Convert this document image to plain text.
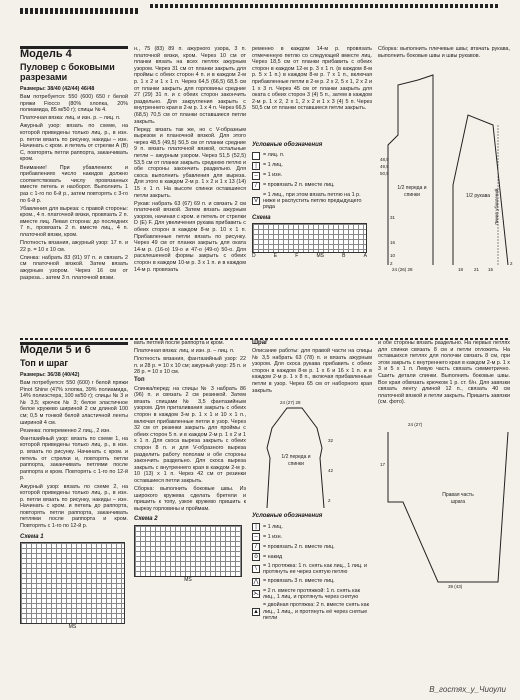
Модель 4
Пуловер с боковыми разрезами

Размеры: 38/40 (42/44) 46/48

Вам потребуется: 550 (600) 650 г белой пряжи Fiocco (80% хлопка, 20% полиамида, 85 м/50 г); спицы № 4.

Платочная вязка: лиц. и изн. р. – лиц. п.

Ажурный узор: вязать по схеме, на которой приведены только лиц. р., в изн. р. петли вязать по рисунку, накиды – изн. Начинать с кром. и петель от стрелки А (В) С, повторять петли раппорта, заканчивать кром.

Внимание! При убавлениях и прибавлениях число накидов должно соответствовать числу провязанных вместе петель и наоборот. Выполнить 1 раз с 1-го по 6-й р., затем повторять с 3-го по 6-й р.

Убавления для выреза: с правой стороны: кром., 4 п. платочной вязки, провязать 2 п. вместе лиц. Левая сторона: до последних 7 п., провязать 2 п. вместе лиц., 4 п. платочной вязки, кром.

Плотность вязания, ажурный узор: 17 п. и 22 р. = 10 х 10 см.

Спинка: набрать 83 (91) 97 п. и связать 2 см платочной вязкой. Затем вязать ажурным узором. Через 16 см от разреза... затем 3 п. платочной вязки.

н., 75 (83) 89 п. ажурного узора, 3 п. платочной вязки, кром. Через 10 см от планки вязать на всех петлях ажурным узором. Через 31 см от планки закрыть для проймы с обеих сторон 4 п. и в каждом 2-м р. 1 х 2 и 1 х 1 п. Через 64,5 (66,5) 68,5 см от планки закрыть для горловины средние 27 (29) 31 п. и с обеих сторон закончить раздельно. Для закругления закрыть с внутреннего края в 2-м р. 1 х 4 п. Через 66,5 (68,5) 70,5 см от планки оставшиеся петли закрыть.

Перед: вязать так же, но с V-образным вырезом и планочной вязкой. Для этого через 48,5 (49,5) 50,5 см от планки средние 9 п. вязать платочной вязкой, остальные петли – ажурным узором. Через 51,5 (52,5) 53,5 см от планки закрыть среднюю петлю и обе стороны закончить раздельно. Для скоса выполнить убавления для выреза. Для этого в каждом 2-м р. 1 х 2 и 1 х 13 (14) 15 х 1 п. На высоте спинки оставшиеся петли закрыть.

Рукав: набрать 63 (67) 69 п. и связать 2 см платочной вязкой. Затем вязать ажурным узором, начиная с кром. и петель от стрелки D (E) F. Для увеличения рукава прибавить с обеих сторон в каждом 8-м р. 10 х 1 п. Прибавленные петли вязать по рисунку. Через 49 см от планки закрыть для оката 14-м р. (16-о) 19-о и 47-о (49-о) 50-о. Для расклешенной формы закрыть с обеих сторон в каждом 10-м р. 3 х 1 п. и в каждом 14-м р. провязать

ременно в каждом 14-м р. провязать отмеченную петлю со следующей вместе лиц. Через 18,5 см от планки прибавить с обеих сторон в каждом 12-м р. 3 х 1 п. (в каждом 8-м р. 5 х 1 п.) в каждом 8-м р. 7 х 1 п., включая прибавленные петли в 2-м р. 2 х 2, 5 х 1, 2 х 2 и 1 х 3 п. Через 45 см от планки закрыть для оката с обеих сторон 3 (4) 5 п., затем в каждом 2-м р. 1 х 2, 2 х 1, 2 х 2 и 1 х 3 (4) 5 п. Через 50,5 см от планки оставшиеся петли закрыть.

Условные обозначения
= лиц. п.
|	= 1 лиц.
– = 1 изн.
/	= провязать 2 п. вместе лиц.
V
= 1 лиц., при этом вязать петлю на 1 р. ниже и распустить петлю предыдущего ряда
Схема
D	E	F	MS	B	A

Сборка: выполнить плечевые швы; втачать рукава, выполнить боковые швы и швы рукавов.

1/2 переда и спинки	1/2 рукава Линия убавлений
48,5
49,5
50,5
31
16
10
2
24 (26) 28	18 21 15
2
Модели 5 и 6
Топ и шраг

Размеры: 36/38 (40/42)

Вам потребуется: 550 (600) г белой пряжи Pinot Shine (47% хлопка, 39% полиамида, 14% полиэстера, 100 м/50 г); спицы № 3 и № 3,5; крючок № 3; белое эластичное белое кружево шириной 2 см длиной 100 см; 0,5 м тонкой белой эластичной ленты шириной 4 см.

Резинка: попеременно 2 лиц., 2 изн.

Фантазийный узор: вязать по схеме 1, на которой приведены только лиц. р., в изн. р. вязать по рисунку. Начинать с кром. и петель от стрелки и, повторять петли раппорта, заканчивать петлями после раппорта и кром. Повторять с 1-го по 12-й р.

Ажурный узор: вязать по схеме 2, на которой приведены только лиц. р., в изн. р. петли вязать по рисунку, накиды – изн. Начинать с кром. и петель до раппорта, повторять петли раппорта, заканчивать петлями после раппорта и кром. Повторять с 1-го по 12-й р.

Схема 1
MS

вать петлей после раппорта и кром.

Платочная вязка: лиц. и изн. р. – лиц. п.

Плотность вязания, фантазийный узор: 22 п. и 28 р. = 10 х 10 см; ажурный узор: 25 п. и 28 р. = 10 х 10 см.

Топ

Спинка/перед: на спицы № 3 набрать 86 (96) п. и связать 2 см резинкой. Затем вязать спицами № 3,5 фантазийным узором. Для приталивания закрыть с обеих сторон в каждом 3-м р. 1 х 1 и 10 х 1 п., включая прибавленные петли в узор. Через 32 см от резинки закрыть для проймы с обеих сторон 5 п. и в каждом 2-м р. 1 х 2 и 1 х 1 п. Для скоса выреза закрыть с обеих сторон 8 п. и для V-образного выреза разделить работу пополам и обе стороны закончить раздельно. Для скоса выреза закрыть с внутреннего края в каждом 2-м р. 10 (13) х 1 п. Через 42 см от резинки оставшиеся петли закрыть.

Сборка: выполнить боковые швы. Из широкого кружева сделать бретели и пришить к топу, узкое кружево пришить к вырезу горловины и проймам.

Схема 2
MS

Шраг

Описание работы: для правой части на спицы № 3,5 набрать 63 (78) п. и вязать ажурным узором. Для скоса рукава прибавить с обеих сторон в каждом 8-м р. 1 х 6 и 16 х 1 п. и в каждом 2-м р. 1 х 8 п., включая прибавленные петли в узор. Через 65 см от наборного края закрыть

1/2 переда и спинки
24 (27) 28
32
42
2
Условные обозначения
|	= 1 лиц.
– = 1 изн.
/	= провязать 2 п. вместе лиц.
o = накид
\
= 1 протяжка: 1 п. снять как лиц., 1 лиц. и протянуть ее через снятую петлю
⋀ = провязать 3 п. вместе лиц.
⋋
= 2 п. вместе протяжкой: 1 п. снять как лиц., 1 лиц. и протянуть через снятую
▲
= двойная протяжка: 2 п. вместе снять как лиц., 1 лиц., и протянуть её через снятые петли

и обе стороны вязать раздельно. На первых петлях для спинки связать 8 см и петли отложить. На оставшихся петлях для полочки связать 8 см, при этом закрыть с внутреннего края в каждом 2-м р. 1 х 3 и 5 х 1 п. Левую часть связать симметрично. Сшить детали спинки. Выполнить боковые швы. Все края обвязать крючком 1 р. ст. б/н. Для завязки связать ленту длиной 12 п., связать 40 см платочной вязкой и петли закрыть. Пришить завязки (см. фото).

Правая часть шрага
24 (27)
39 (43)
17
В_гостях_у_Чиоули
